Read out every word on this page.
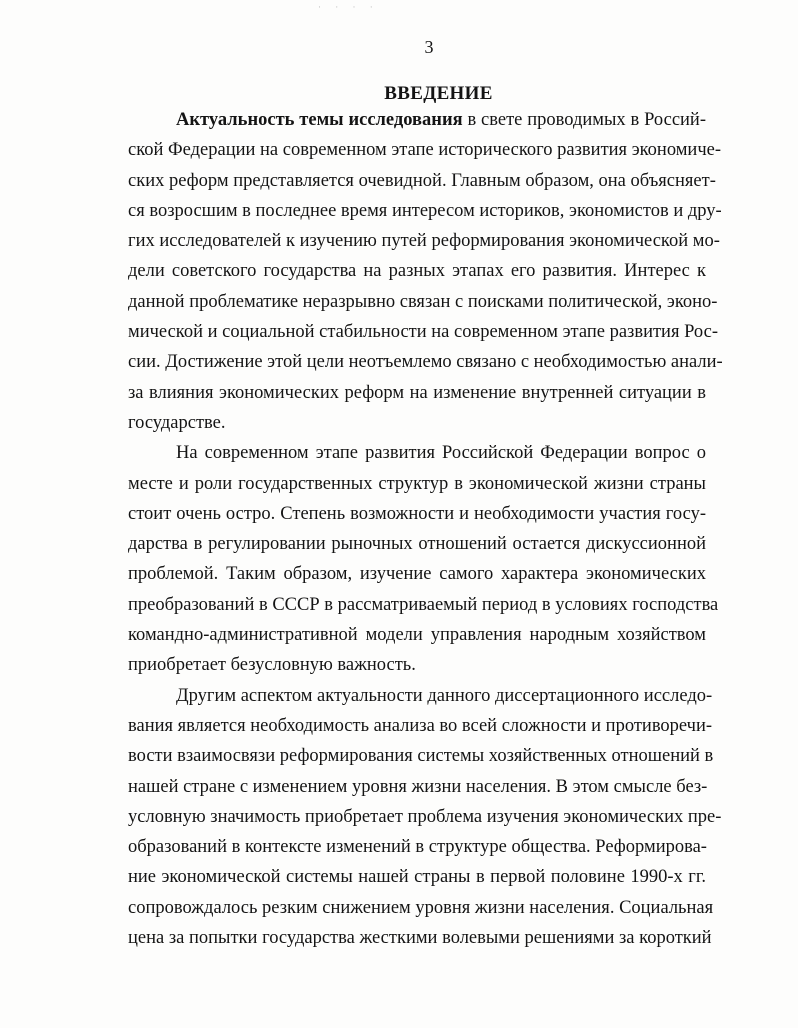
· · · ·
3
ВВЕДЕНИЕ
Актуальность темы исследования в свете проводимых в Россий-
ской Федерации на современном этапе исторического развития экономиче-
ских реформ представляется очевидной. Главным образом, она объясняет-
ся возросшим в последнее время интересом историков, экономистов и дру-
гих исследователей к изучению путей реформирования экономической мо-
дели советского государства на разных этапах его развития. Интерес к
данной проблематике неразрывно связан с поисками политической, эконо-
мической и социальной стабильности на современном этапе развития Рос-
сии. Достижение этой цели неотъемлемо связано с необходимостью анали-
за влияния экономических реформ на изменение внутренней ситуации в
государстве.
На современном этапе развития Российской Федерации вопрос о
месте и роли государственных структур в экономической жизни страны
стоит очень остро. Степень возможности и необходимости участия госу-
дарства в регулировании рыночных отношений остается дискуссионной
проблемой. Таким образом, изучение самого характера экономических
преобразований в СССР в рассматриваемый период в условиях господства
командно-административной модели управления народным хозяйством
приобретает безусловную важность.
Другим аспектом актуальности данного диссертационного исследо-
вания является необходимость анализа во всей сложности и противоречи-
вости взаимосвязи реформирования системы хозяйственных отношений в
нашей стране с изменением уровня жизни населения. В этом смысле без-
условную значимость приобретает проблема изучения экономических пре-
образований в контексте изменений в структуре общества. Реформирова-
ние экономической системы нашей страны в первой половине 1990-х гг.
сопровождалось резким снижением уровня жизни населения. Социальная
цена за попытки государства жесткими волевыми решениями за короткий
